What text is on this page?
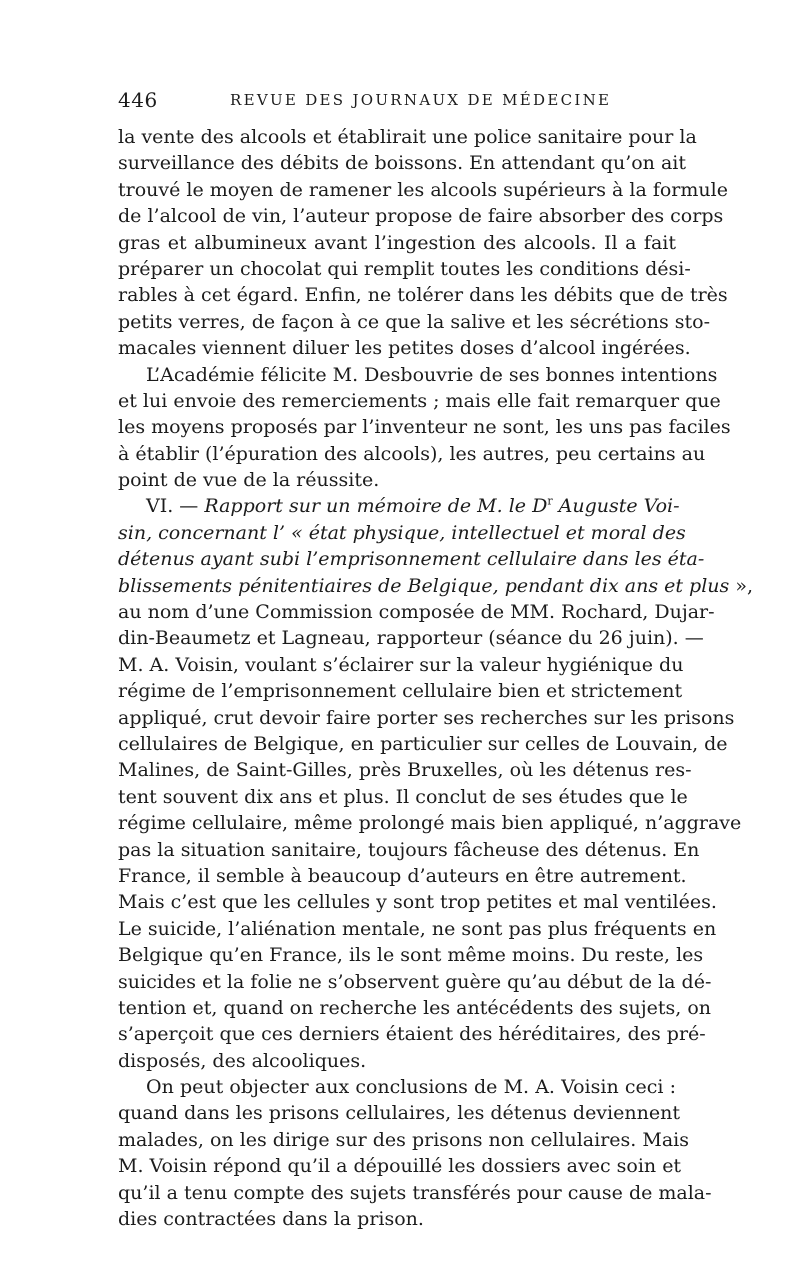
446	REVUE DES JOURNAUX DE MÉDECINE
la vente des alcools et établirait une police sanitaire pour la
surveillance des débits de boissons. En attendant qu’on ait
trouvé le moyen de ramener les alcools supérieurs à la formule
de l’alcool de vin, l’auteur propose de faire absorber des corps
gras et albumineux avant l’ingestion des alcools. Il a fait
préparer un chocolat qui remplit toutes les conditions dési-
rables à cet égard. Enfin, ne tolérer dans les débits que de très
petits verres, de façon à ce que la salive et les sécrétions sto-
macales viennent diluer les petites doses d’alcool ingérées.
L’Académie félicite M. Desbouvrie de ses bonnes intentions
et lui envoie des remerciements ; mais elle fait remarquer que
les moyens proposés par l’inventeur ne sont, les uns pas faciles
à établir (l’épuration des alcools), les autres, peu certains au
point de vue de la réussite.
VI. — Rapport sur un mémoire de M. le $D^r$ Auguste Voi-
sin, concernant l’ « état physique, intellectuel et moral des
détenus ayant subi l’emprisonnement cellulaire dans les éta-
blissements pénitentiaires de Belgique, pendant dix ans et plus »,
au nom d’une Commission composée de MM. Rochard, Dujar-
din-Beaumetz et Lagneau, rapporteur (séance du 26 juin). —
M. A. Voisin, voulant s’éclairer sur la valeur hygiénique du
régime de l’emprisonnement cellulaire bien et strictement
appliqué, crut devoir faire porter ses recherches sur les prisons
cellulaires de Belgique, en particulier sur celles de Louvain, de
Malines, de Saint-Gilles, près Bruxelles, où les détenus res-
tent souvent dix ans et plus. Il conclut de ses études que le
régime cellulaire, même prolongé mais bien appliqué, n’aggrave
pas la situation sanitaire, toujours fâcheuse des détenus. En
France, il semble à beaucoup d’auteurs en être autrement.
Mais c’est que les cellules y sont trop petites et mal ventilées.
Le suicide, l’aliénation mentale, ne sont pas plus fréquents en
Belgique qu’en France, ils le sont même moins. Du reste, les
suicides et la folie ne s’observent guère qu’au début de la dé-
tention et, quand on recherche les antécédents des sujets, on
s’aperçoit que ces derniers étaient des héréditaires, des pré-
disposés, des alcooliques.
On peut objecter aux conclusions de M. A. Voisin ceci :
quand dans les prisons cellulaires, les détenus deviennent
malades, on les dirige sur des prisons non cellulaires. Mais
M. Voisin répond qu’il a dépouillé les dossiers avec soin et
qu’il a tenu compte des sujets transférés pour cause de mala-
dies contractées dans la prison.
